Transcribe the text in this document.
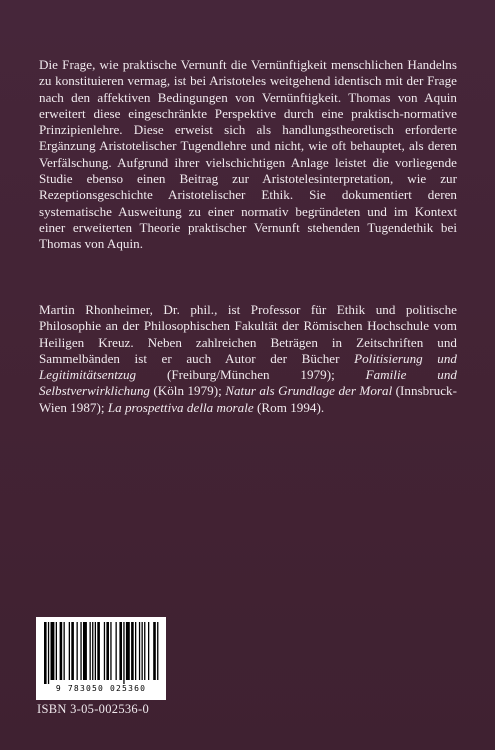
Die Frage, wie praktische Vernunft die Vernünftigkeit menschlichen Handelns zu konstituieren vermag, ist bei Aristoteles weitgehend identisch mit der Frage nach den affektiven Bedingungen von Vernünftigkeit. Thomas von Aquin erweitert diese eingeschränkte Perspektive durch eine praktisch-normative Prinzipienlehre. Diese erweist sich als handlungstheoretisch erforderte Ergänzung Aristotelischer Tugendlehre und nicht, wie oft behauptet, als deren Verfälschung. Aufgrund ihrer vielschichtigen Anlage leistet die vorliegende Studie ebenso einen Beitrag zur Aristotelesinterpretation, wie zur Rezeptionsgeschichte Aristotelischer Ethik. Sie dokumentiert deren systematische Ausweitung zu einer normativ begründeten und im Kontext einer erweiterten Theorie praktischer Vernunft stehenden Tugendethik bei Thomas von Aquin.

Martin Rhonheimer, Dr. phil., ist Professor für Ethik und politische Philosophie an der Philosophischen Fakultät der Römischen Hochschule vom Heiligen Kreuz. Neben zahlreichen Beträgen in Zeitschriften und Sammelbänden ist er auch Autor der Bücher Politisierung und Legitimitätsentzug (Freiburg/München 1979); Familie und Selbstverwirklichung (Köln 1979); Natur als Grundlage der Moral (Innsbruck-Wien 1987); La prospettiva della morale (Rom 1994).

9 783050 025360
ISBN 3-05-002536-0
